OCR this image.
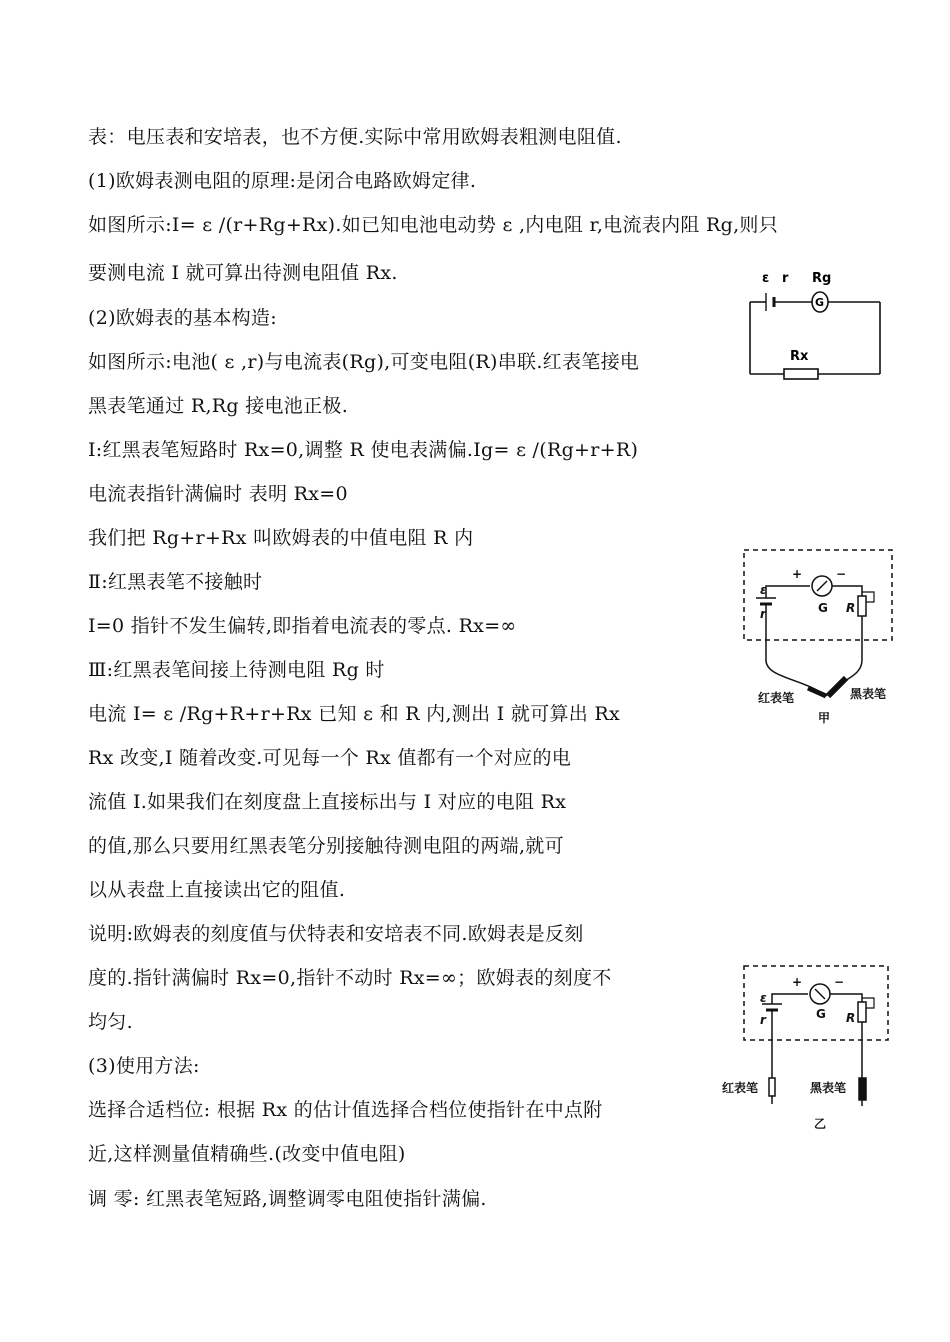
表：电压表和安培表，也不方便.实际中常用欧姆表粗测电阻值.
(1)欧姆表测电阻的原理:是闭合电路欧姆定律.
如图所示:I= ε /(r+Rg+Rx).如已知电池电动势 ε ,内电阻 r,电流表内阻 Rg,则只
要测电流 I 就可算出待测电阻值 Rx.
(2)欧姆表的基本构造:
如图所示:电池( ε ,r)与电流表(Rg),可变电阻(R)串联.红表笔接电
黑表笔通过 R,Rg 接电池正极.
Ⅰ:红黑表笔短路时 Rx=0,调整 R 使电表满偏.Ig= ε /(Rg+r+R)
电流表指针满偏时 表明 Rx=0
我们把 Rg+r+Rx 叫欧姆表的中值电阻 R 内
Ⅱ:红黑表笔不接触时
I=0 指针不发生偏转,即指着电流表的零点. Rx=∞
Ⅲ:红黑表笔间接上待测电阻 Rg 时
电流 I= ε /Rg+R+r+Rx 已知 ε 和 R 内,测出 I 就可算出 Rx
Rx 改变,I 随着改变.可见每一个 Rx 值都有一个对应的电
流值 I.如果我们在刻度盘上直接标出与 I 对应的电阻 Rx
的值,那么只要用红黑表笔分别接触待测电阻的两端,就可
以从表盘上直接读出它的阻值.
说明:欧姆表的刻度值与伏特表和安培表不同.欧姆表是反刻
度的.指针满偏时 Rx=0,指针不动时 Rx=∞；欧姆表的刻度不
均匀.
(3)使用方法:
选择合适档位: 根据 Rx 的估计值选择合档位使指针在中点附
近,这样测量值精确些.(改变中值电阻)
调 零: 红黑表笔短路,调整调零电阻使指针满偏.
ε r Rg
G
Rx
+	−
G
ε
r	R
红表笔	黑表笔
甲
+	−
G
ε
r	R
红表笔	黑表笔
乙
